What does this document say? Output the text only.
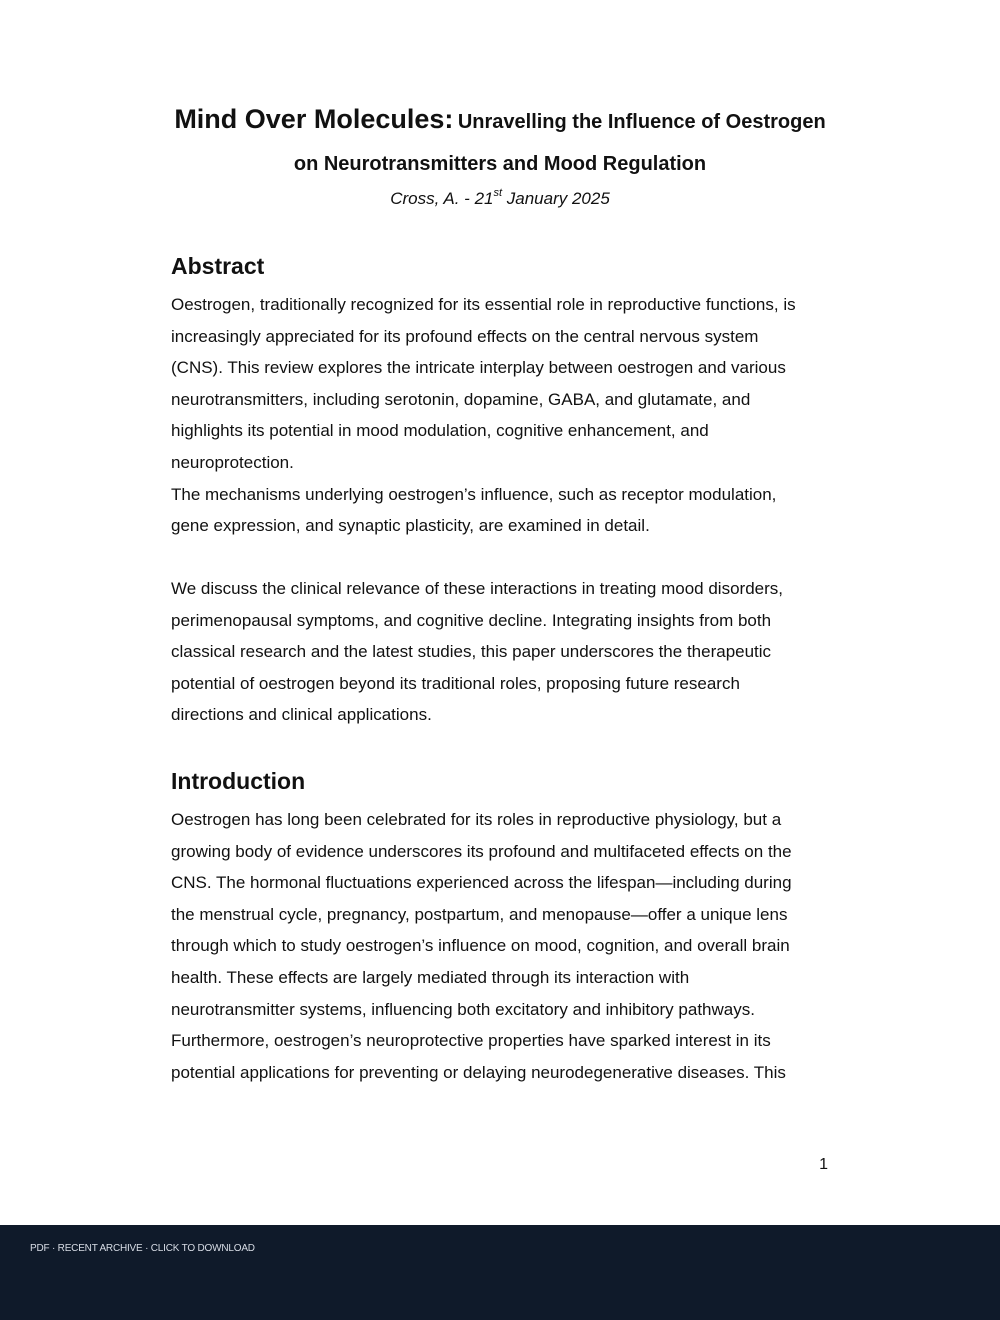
Mind Over Molecules: Unravelling the Influence of Oestrogen
on Neurotransmitters and Mood Regulation
Cross, A. - 21st January 2025
Abstract
Oestrogen, traditionally recognized for its essential role in reproductive functions, is
increasingly appreciated for its profound effects on the central nervous system
(CNS). This review explores the intricate interplay between oestrogen and various
neurotransmitters, including serotonin, dopamine, GABA, and glutamate, and
highlights its potential in mood modulation, cognitive enhancement, and
neuroprotection.
The mechanisms underlying oestrogen’s influence, such as receptor modulation,
gene expression, and synaptic plasticity, are examined in detail.
We discuss the clinical relevance of these interactions in treating mood disorders,
perimenopausal symptoms, and cognitive decline. Integrating insights from both
classical research and the latest studies, this paper underscores the therapeutic
potential of oestrogen beyond its traditional roles, proposing future research
directions and clinical applications.
Introduction
Oestrogen has long been celebrated for its roles in reproductive physiology, but a
growing body of evidence underscores its profound and multifaceted effects on the
CNS. The hormonal fluctuations experienced across the lifespan—including during
the menstrual cycle, pregnancy, postpartum, and menopause—offer a unique lens
through which to study oestrogen’s influence on mood, cognition, and overall brain
health. These effects are largely mediated through its interaction with
neurotransmitter systems, influencing both excitatory and inhibitory pathways.
Furthermore, oestrogen’s neuroprotective properties have sparked interest in its
potential applications for preventing or delaying neurodegenerative diseases. This
1
PDF · RECENT ARCHIVE · CLICK TO DOWNLOAD
